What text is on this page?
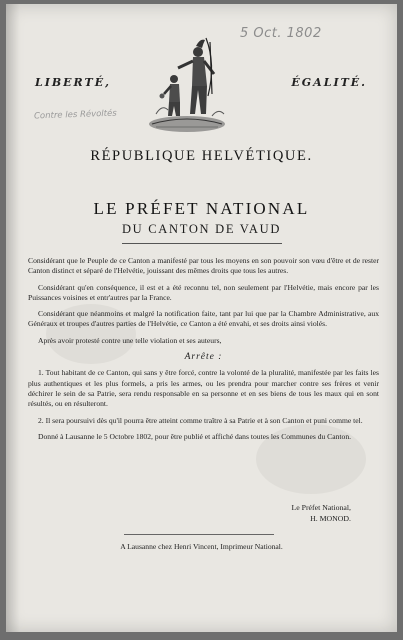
5 Oct. 1802
Contre les Révoltés
LIBERTÉ,	ÉGALITÉ.
RÉPUBLIQUE HELVÉTIQUE.
LE PRÉFET NATIONAL
DU CANTON DE VAUD

Considérant que le Peuple de ce Canton a manifesté par tous les moyens en son pouvoir son vœu d'être et de rester Canton distinct et séparé de l'Helvétie, jouissant des mêmes droits que tous les autres.

Considérant qu'en conséquence, il est et a été reconnu tel, non seulement par l'Helvétie, mais encore par les Puissances voisines et entr'autres par la France.

Considérant que néanmoins et malgré la notification faite, tant par lui que par la Chambre Administrative, aux Généraux et troupes d'autres parties de l'Helvétie, ce Canton a été envahi, et ses droits ainsi violés.

Après avoir protesté contre une telle violation et ses auteurs,

Arrête :

1. Tout habitant de ce Canton, qui sans y être forcé, contre la volonté de la pluralité, manifestée par les faits les plus authentiques et les plus formels, a pris les armes, ou les prendra pour marcher contre ses frères et venir déchirer le sein de sa Patrie, sera rendu responsable en sa personne et en ses biens de tous les maux qui en sont résultés, ou en résulteront.

2. Il sera poursuivi dès qu'il pourra être atteint comme traître à sa Patrie et à son Canton et puni comme tel.

Donné à Lausanne le 5 Octobre 1802, pour être publié et affiché dans toutes les Communes du Canton.

Le Préfet National,
H. MONOD.
A Lausanne chez Henri Vincent, Imprimeur National.
